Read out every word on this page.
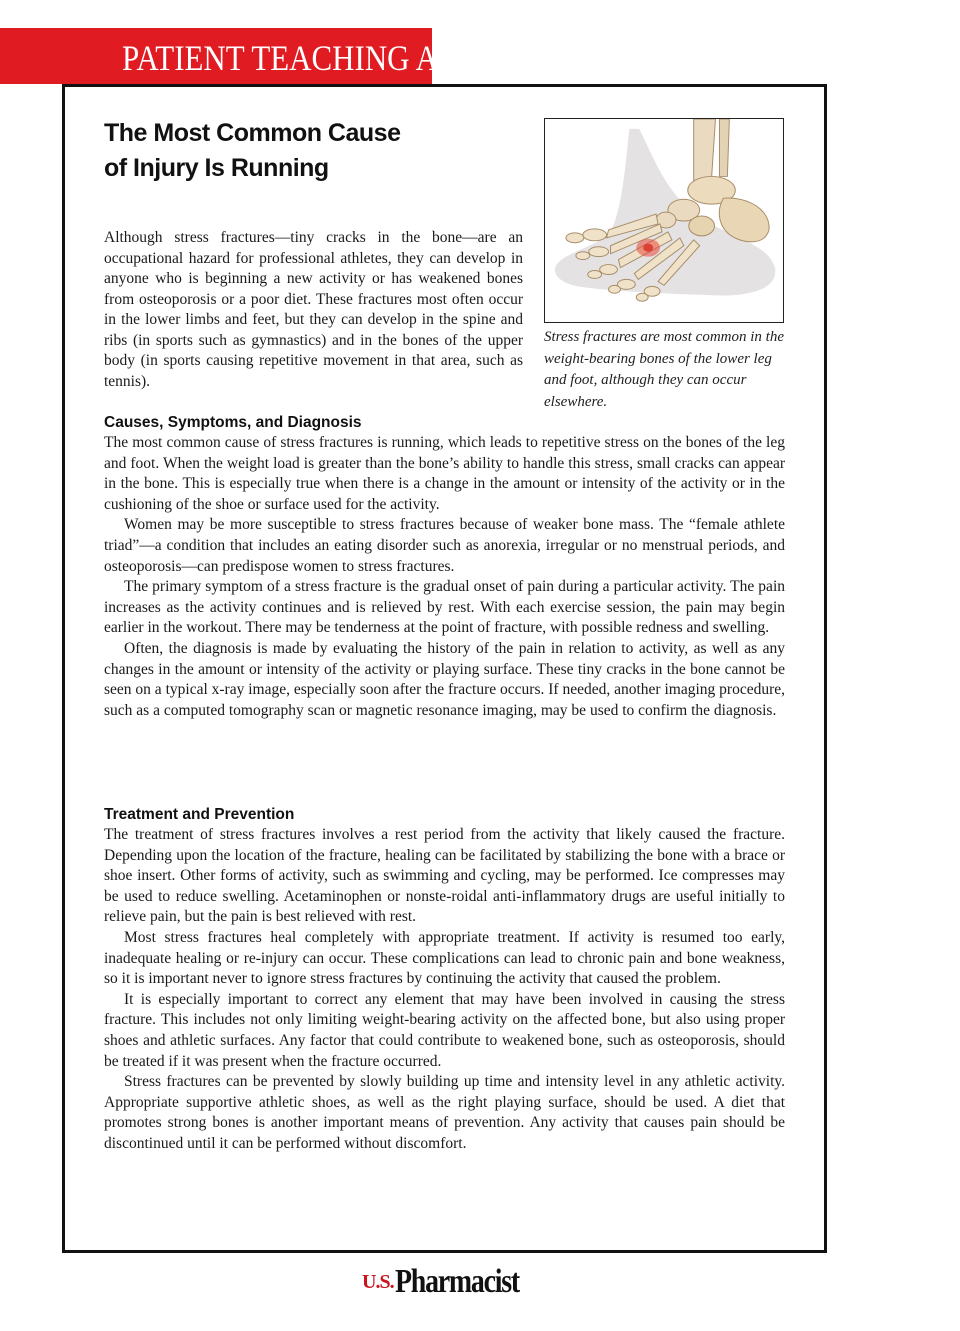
PATIENT TEACHING AID
The Most Common Cause
of Injury Is Running
Stress fractures are most common in the weight-bearing bones of the lower leg and foot, although they can occur elsewhere.

Although stress fractures—tiny cracks in the bone—are an occupational hazard for professional athletes, they can develop in anyone who is beginning a new activity or has weakened bones from osteoporosis or a poor diet. These fractures most often occur in the lower limbs and feet, but they can develop in the spine and ribs (in sports such as gymnastics) and in the bones of the upper body (in sports causing repetitive movement in that area, such as tennis).

Causes, Symptoms, and Diagnosis

The most common cause of stress fractures is running, which leads to repetitive stress on the bones of the leg and foot. When the weight load is greater than the bone’s ability to handle this stress, small cracks can appear in the bone. This is especially true when there is a change in the amount or intensity of the activity or in the cushioning of the shoe or surface used for the activity.

Women may be more susceptible to stress fractures because of weaker bone mass. The “female athlete triad”—a condition that includes an eating disorder such as anorexia, irregular or no menstrual periods, and osteoporosis—can predispose women to stress fractures.

The primary symptom of a stress fracture is the gradual onset of pain during a particular activity. The pain increases as the activity continues and is relieved by rest. With each exercise session, the pain may begin earlier in the workout. There may be tenderness at the point of fracture, with possible redness and swelling.

Often, the diagnosis is made by evaluating the history of the pain in relation to activity, as well as any changes in the amount or intensity of the activity or playing surface. These tiny cracks in the bone cannot be seen on a typical x-ray image, especially soon after the fracture occurs. If needed, another imaging procedure, such as a computed tomography scan or magnetic resonance imaging, may be used to confirm the diagnosis.

Treatment and Prevention

The treatment of stress fractures involves a rest period from the activity that likely caused the fracture. Depending upon the location of the fracture, healing can be facilitated by stabilizing the bone with a brace or shoe insert. Other forms of activity, such as swimming and cycling, may be performed. Ice compresses may be used to reduce swelling. Acetaminophen or nonste-roidal anti-inflammatory drugs are useful initially to relieve pain, but the pain is best relieved with rest.

Most stress fractures heal completely with appropriate treatment. If activity is resumed too early, inadequate healing or re-injury can occur. These complications can lead to chronic pain and bone weakness, so it is important never to ignore stress fractures by continuing the activity that caused the problem.

It is especially important to correct any element that may have been involved in causing the stress fracture. This includes not only limiting weight-bearing activity on the affected bone, but also using proper shoes and athletic surfaces. Any factor that could contribute to weakened bone, such as osteoporosis, should be treated if it was present when the fracture occurred.

Stress fractures can be prevented by slowly building up time and intensity level in any athletic activity. Appropriate supportive athletic shoes, as well as the right playing surface, should be used. A diet that promotes strong bones is another important means of prevention. Any activity that causes pain should be discontinued until it can be performed without discomfort.

U.S. Pharmacist
